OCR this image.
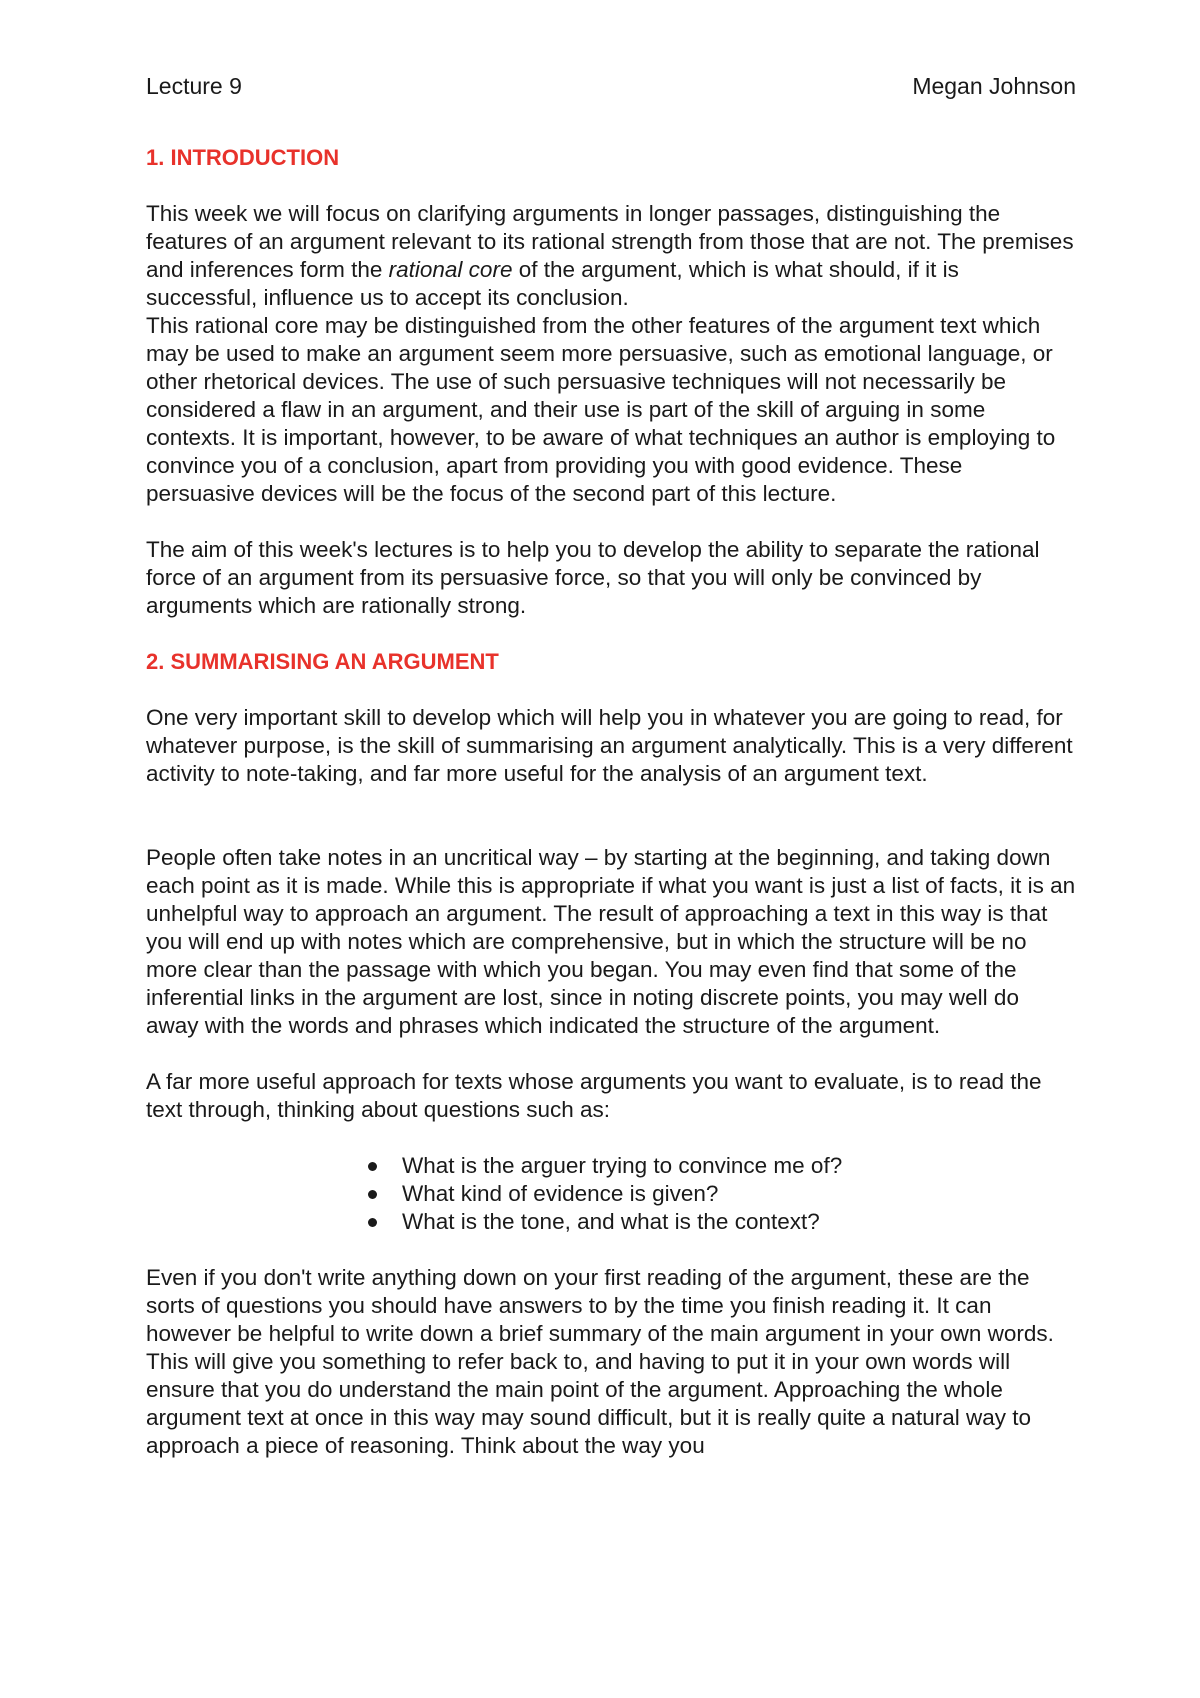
Lecture 9	Megan Johnson
1. INTRODUCTION

This week we will focus on clarifying arguments in longer passages, distinguishing the features of an argument relevant to its rational strength from those that are not. The premises and inferences form the rational core of the argument, which is what should, if it is successful, influence us to accept its conclusion.

This rational core may be distinguished from the other features of the argument text which may be used to make an argument seem more persuasive, such as emotional language, or other rhetorical devices. The use of such persuasive techniques will not necessarily be considered a flaw in an argument, and their use is part of the skill of arguing in some contexts. It is important, however, to be aware of what techniques an author is employing to convince you of a conclusion, apart from providing you with good evidence. These persuasive devices will be the focus of the second part of this lecture.

The aim of this week's lectures is to help you to develop the ability to separate the rational force of an argument from its persuasive force, so that you will only be convinced by arguments which are rationally strong.

2. SUMMARISING AN ARGUMENT

One very important skill to develop which will help you in whatever you are going to read, for whatever purpose, is the skill of summarising an argument analytically. This is a very different activity to note-taking, and far more useful for the analysis of an argument text.

People often take notes in an uncritical way – by starting at the beginning, and taking down each point as it is made. While this is appropriate if what you want is just a list of facts, it is an unhelpful way to approach an argument. The result of approaching a text in this way is that you will end up with notes which are comprehensive, but in which the structure will be no more clear than the passage with which you began. You may even find that some of the inferential links in the argument are lost, since in noting discrete points, you may well do away with the words and phrases which indicated the structure of the argument.

A far more useful approach for texts whose arguments you want to evaluate, is to read the text through, thinking about questions such as:

What is the arguer trying to convince me of?
What kind of evidence is given?
What is the tone, and what is the context?

Even if you don't write anything down on your first reading of the argument, these are the sorts of questions you should have answers to by the time you finish reading it. It can however be helpful to write down a brief summary of the main argument in your own words. This will give you something to refer back to, and having to put it in your own words will ensure that you do understand the main point of the argument. Approaching the whole argument text at once in this way may sound difficult, but it is really quite a natural way to approach a piece of reasoning. Think about the way you
